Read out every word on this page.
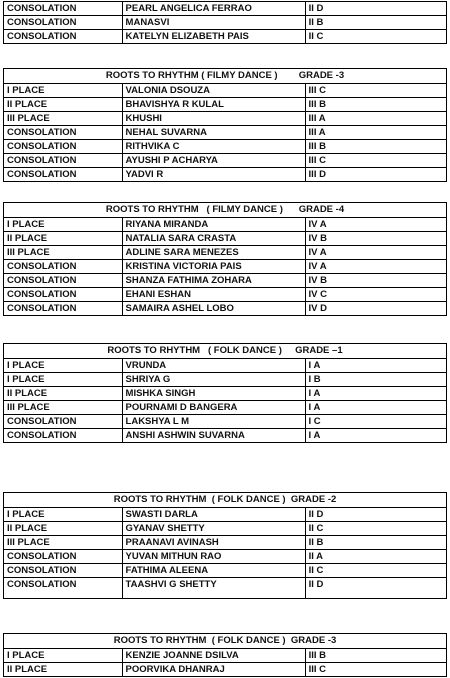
CONSOLATION	PEARL ANGELICA FERRAO	II D
CONSOLATION	MANASVI	II B
CONSOLATION	KATELYN ELIZABETH PAIS	II C
ROOTS TO RHYTHM ( FILMY DANCE )        GRADE -3		
I PLACE	VALONIA DSOUZA	III C
II PLACE	BHAVISHYA R KULAL	III B
III PLACE	KHUSHI	III A
CONSOLATION	NEHAL SUVARNA	III A
CONSOLATION	RITHVIKA C	III B
CONSOLATION	AYUSHI P ACHARYA	III C
CONSOLATION	YADVI R	III D
ROOTS TO RHYTHM   ( FILMY DANCE )      GRADE -4		
I PLACE	RIYANA MIRANDA	IV A
II PLACE	NATALIA SARA CRASTA	IV B
III PLACE	ADLINE SARA MENEZES	IV A
CONSOLATION	KRISTINA VICTORIA PAIS	IV A
CONSOLATION	SHANZA FATHIMA ZOHARA	IV B
CONSOLATION	EHANI ESHAN	IV C
CONSOLATION	SAMAIRA ASHEL LOBO	IV D
ROOTS TO RHYTHM   ( FOLK DANCE )     GRADE –1		
I PLACE	VRUNDA	I A
I PLACE	SHRIYA G	I B
II PLACE	MISHKA SINGH	I A
III PLACE	POURNAMI D BANGERA	I A
CONSOLATION	LAKSHYA L M	I C
CONSOLATION	ANSHI ASHWIN SUVARNA	I A
ROOTS TO RHYTHM  ( FOLK DANCE )  GRADE -2		
I PLACE	SWASTI DARLA	II D
II PLACE	GYANAV SHETTY	II C
III PLACE	PRAANAVI AVINASH	II B
CONSOLATION	YUVAN MITHUN RAO	II A
CONSOLATION	FATHIMA ALEENA	II C
CONSOLATION	TAASHVI G SHETTY	II D
ROOTS TO RHYTHM  ( FOLK DANCE )  GRADE -3		
I PLACE	KENZIE JOANNE DSILVA	III B
II PLACE	POORVIKA DHANRAJ	III C
